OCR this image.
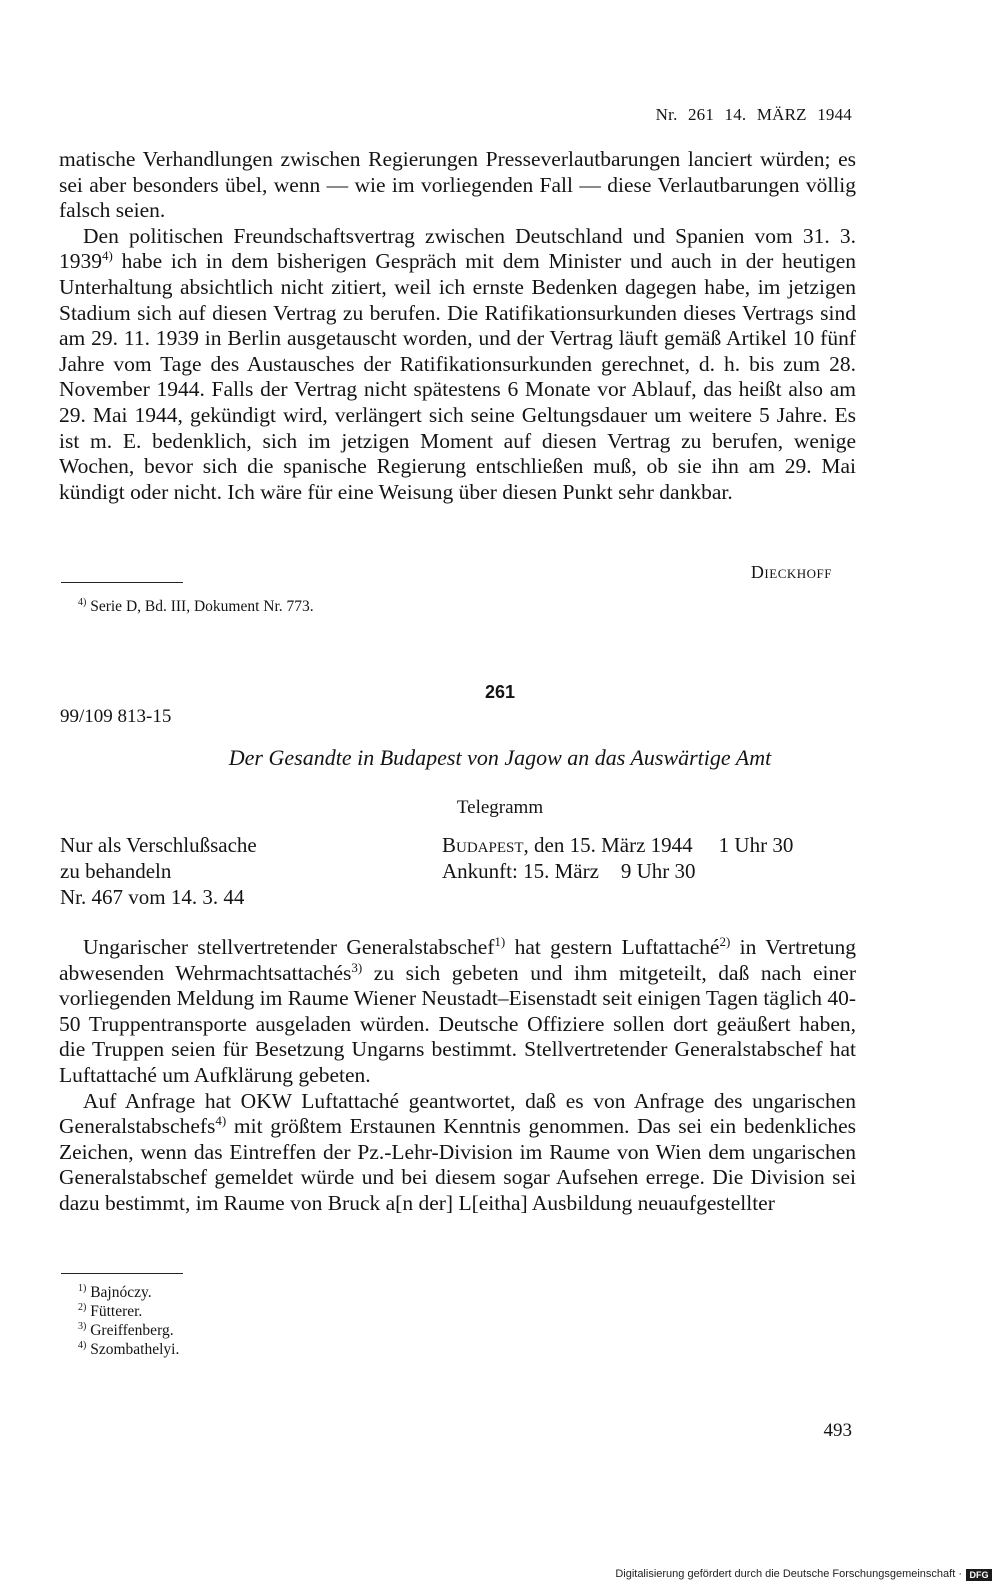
Nr. 261 14. MÄRZ 1944

matische Verhandlungen zwischen Regierungen Presseverlautbarungen lanciert würden; es sei aber besonders übel, wenn — wie im vorliegenden Fall — diese Verlautbarungen völlig falsch seien.

Den politischen Freundschaftsvertrag zwischen Deutschland und Spanien vom 31. 3. 1939$^{4)}$ habe ich in dem bisherigen Gespräch mit dem Minister und auch in der heutigen Unterhaltung absichtlich nicht zitiert, weil ich ernste Bedenken dagegen habe, im jetzigen Stadium sich auf diesen Vertrag zu berufen. Die Ratifikationsurkunden dieses Vertrags sind am 29. 11. 1939 in Berlin ausgetauscht worden, und der Vertrag läuft gemäß Artikel 10 fünf Jahre vom Tage des Austausches der Ratifikationsurkunden gerechnet, d. h. bis zum 28. November 1944. Falls der Vertrag nicht spätestens 6 Monate vor Ablauf, das heißt also am 29. Mai 1944, gekündigt wird, verlängert sich seine Geltungsdauer um weitere 5 Jahre. Es ist m. E. bedenklich, sich im jetzigen Moment auf diesen Vertrag zu berufen, wenige Wochen, bevor sich die spanische Regierung entschließen muß, ob sie ihn am 29. Mai kündigt oder nicht. Ich wäre für eine Weisung über diesen Punkt sehr dankbar.

Dieckhoff
$^{4)}$ Serie D, Bd. III, Dokument Nr. 773.
261
99/109 813-15
Der Gesandte in Budapest von Jagow an das Auswärtige Amt
Telegramm
Nur als Verschlußsache
zu behandeln
Nr. 467 vom 14. 3. 44
Budapest, den 15. März 1944 1 Uhr 30
Ankunft: 15. März 9 Uhr 30

Ungarischer stellvertretender Generalstabschef$^{1)}$ hat gestern Luftattaché$^{2)}$ in Vertretung abwesenden Wehrmachtsattachés$^{3)}$ zu sich gebeten und ihm mitgeteilt, daß nach einer vorliegenden Meldung im Raume Wiener Neustadt–Eisenstadt seit einigen Tagen täglich 40-50 Truppentransporte ausgeladen würden. Deutsche Offiziere sollen dort geäußert haben, die Truppen seien für Besetzung Ungarns bestimmt. Stellvertretender Generalstabschef hat Luftattaché um Aufklärung gebeten.

Auf Anfrage hat OKW Luftattaché geantwortet, daß es von Anfrage des ungarischen Generalstabschefs$^{4)}$ mit größtem Erstaunen Kenntnis genommen. Das sei ein bedenkliches Zeichen, wenn das Eintreffen der Pz.-Lehr-Division im Raume von Wien dem ungarischen Generalstabschef gemeldet würde und bei diesem sogar Aufsehen errege. Die Division sei dazu bestimmt, im Raume von Bruck a[n der] L[eitha] Ausbildung neuaufgestellter

$^{1)}$ Bajnóczy.
$^{2)}$ Fütterer.
$^{3)}$ Greiffenberg.
$^{4)}$ Szombathelyi.
493
Digitalisierung gefördert durch die Deutsche Forschungsgemeinschaft · DFG
